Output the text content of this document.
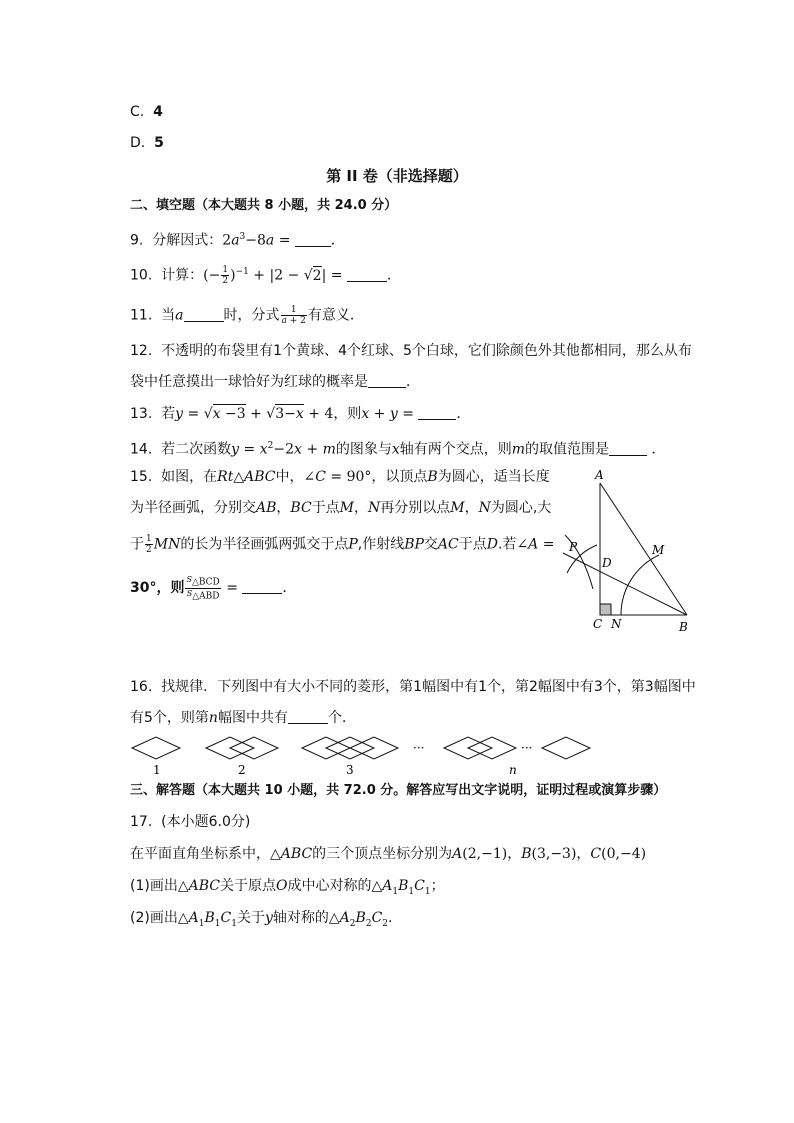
C. 4
D. 5
第 II 卷（非选择题）
二、填空题（本大题共 8 小题，共 24.0 分）
9. 分解因式：$2a^3-8a$ =	．
10. 计算：(− $\frac{1}{2} )^{-1} + |2 - √2|$ =	．
11. 当a	时，分式 $\frac{1}{a + 2}$ 有意义．
12. 不透明的布袋里有1个黄球、4个红球、5个白球，它们除颜色外其他都相同，那么从布
袋中任意摸出一球恰好为红球的概率是	．
13. 若y = √x −3 + √3−x + 4，则x + y =	．
14. 若二次函数$y = x^2-2x + m$的图象与x轴有两个交点，则m的取值范围是	．
15. 如图，在Rt△ABC中，∠C = 90°，以顶点B为圆心，适当长度
为半径画弧，分别交AB，BC于点M，N再分别以点M，N为圆心,大
于 $\frac{1}{2}$ MN的长为半径画弧两弧交于点P,作射线BP交AC于点D.若∠A =
30°，则 $\frac{S_{\triangle BCD}}{S_{\triangle ABD}}$ =	．
A
B
C
D
M
N
P
16. 找规律．下列图中有大小不同的菱形，第1幅图中有1个，第2幅图中有3个，第3幅图中
有5个，则第n幅图中共有	个．
···	···
1	2	3	n
三、解答题（本大题共 10 小题，共 72.0 分。解答应写出文字说明，证明过程或演算步骤）
17. (本小题6.0分)
在平面直角坐标系中，△ABC的三个顶点坐标分别为A(2,−1)，B(3,−3)，C(0,−4)
(1)画出△ABC关于原点O成中心对称的$\triangle A_1B_1C_1$；
(2)画出$\triangle A_1B_1C_1$关于y轴对称的$\triangle A_2B_2C_2$.
